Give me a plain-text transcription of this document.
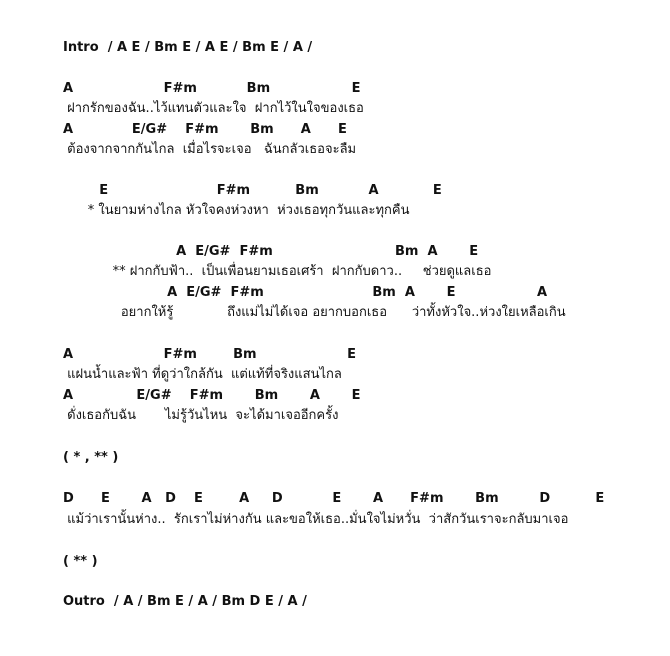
Intro  / A E / Bm E / A E / Bm E / A /
A                    F#m           Bm                  E
ฝากรักของฉัน..ไว้แทนตัวและใจ  ฝากไว้ในใจของเธอ
A             E/G#    F#m       Bm      A      E
ต้องจากจากกันไกล  เมื่อไรจะเจอ   ฉันกลัวเธอจะลืม
E                        F#m          Bm           A            E
* ในยามห่างไกล หัวใจคงห่วงหา  ห่วงเธอทุกวันและทุกคืน
A  E/G#  F#m                           Bm  A       E
** ฝากกับฟ้า..  เป็นเพื่อนยามเธอเศร้า  ฝากกับดาว..     ช่วยดูแลเธอ
A  E/G#  F#m                        Bm  A       E                  A
อยากให้รู้             ถึงแม่ไม่ได้เจอ อยากบอกเธอ      ว่าทั้งหัวใจ..ห่วงใยเหลือเกิน
A                    F#m        Bm                    E
แฝนน้ำและฟ้า ที่ดูว่าใกล้กัน  แต่แท้ที่จริงแสนไกล
A              E/G#    F#m       Bm       A       E
ดั่งเธอกับฉัน       ไม่รู้วันไหน  จะได้มาเจออีกครั้ง
( * , ** )
D      E       A   D    E        A     D           E       A      F#m       Bm         D          E
แม้ว่าเรานั้นห่าง..  รักเราไม่ห่างกัน และขอให้เธอ..มั่นใจไม่หวั่น  ว่าสักวันเราจะกลับมาเจอ
( ** )
Outro  / A / Bm E / A / Bm D E / A /
